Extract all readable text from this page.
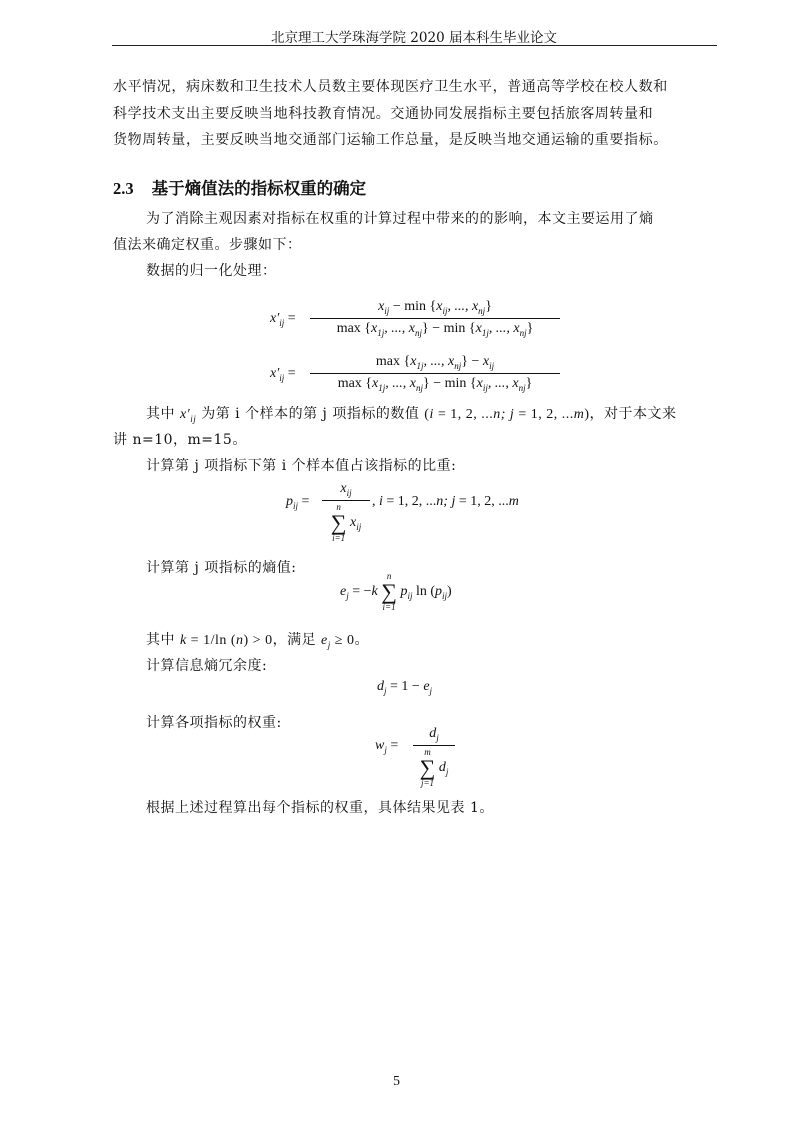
北京理工大学珠海学院 2020 届本科生毕业论文
水平情况，病床数和卫生技术人员数主要体现医疗卫生水平，普通高等学校在校人数和
科学技术支出主要反映当地科技教育情况。交通协同发展指标主要包括旅客周转量和
货物周转量，主要反映当地交通部门运输工作总量，是反映当地交通运输的重要指标。
2.3 基于熵值法的指标权重的确定
为了消除主观因素对指标在权重的计算过程中带来的的影响，本文主要运用了熵
值法来确定权重。步骤如下：
数据的归一化处理：
$x'_{ij}$ =
$x_{ij} - \min \{x_{ij}$, ..., $x_{nj}$}
$\max \{x_{1j}$, ..., $x_{nj}\} - \min \{x_{1j}$, ..., $x_{nj}$}
$x'_{ij}$ =
$\max \{x_{1j}$, ..., $x_{nj}\} - x_{ij}$
$\max \{x_{1j}$, ..., $x_{nj}\} - \min \{x_{ij}$, ..., $x_{nj}$}
其中 $x'_{ij}$ 为第 i 个样本的第 j 项指标的数值 (i = 1, 2, ...n; j = 1, 2, ...m)，对于本文来
讲 n=10，m=15。
计算第 j 项指标下第 i 个样本值占该指标的比重:
$p_{ij}$ =
$x_{ij}$
n
∑
i=1
$x_{ij}$
, i = 1, 2, ...n; j = 1, 2, ...m
计算第 j 项指标的熵值:
$e_j = -k$
n
∑
i=1
$p_{ij}$ $\ln (p_{ij})$
其中 k = 1/ln (n) > 0，满足 $e_j \ge 0$。
计算信息熵冗余度:
$d_j = 1 - e_j$
计算各项指标的权重:
$w_j$ =
$d_j$
m
∑
j=1
$d_j$
根据上述过程算出每个指标的权重，具体结果见表 1。
5
